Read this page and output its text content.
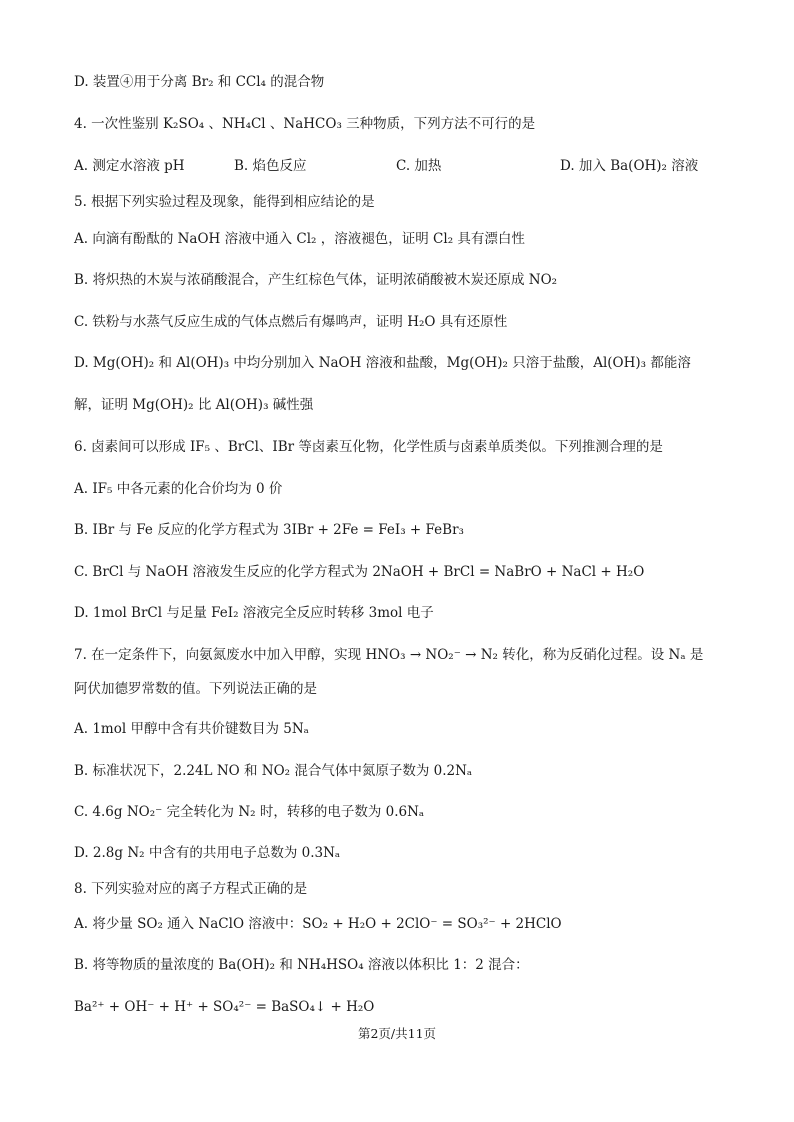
D. 装置④用于分离 Br₂ 和 CCl₄ 的混合物
4. 一次性鉴别 K₂SO₄ 、NH₄Cl 、NaHCO₃ 三种物质，下列方法不可行的是
A. 测定水溶液 pH	B. 焰色反应	C. 加热	D. 加入 Ba(OH)₂ 溶液
5. 根据下列实验过程及现象，能得到相应结论的是
A. 向滴有酚酞的 NaOH 溶液中通入 Cl₂ ，溶液褪色，证明 Cl₂ 具有漂白性
B. 将炽热的木炭与浓硝酸混合，产生红棕色气体，证明浓硝酸被木炭还原成 NO₂
C. 铁粉与水蒸气反应生成的气体点燃后有爆鸣声，证明 H₂O 具有还原性
D. Mg(OH)₂ 和 Al(OH)₃ 中均分别加入 NaOH 溶液和盐酸，Mg(OH)₂ 只溶于盐酸，Al(OH)₃ 都能溶
解，证明 Mg(OH)₂ 比 Al(OH)₃ 碱性强
6. 卤素间可以形成 IF₅ 、BrCl、IBr 等卤素互化物，化学性质与卤素单质类似。下列推测合理的是
A. IF₅ 中各元素的化合价均为 0 价
B. IBr 与 Fe 反应的化学方程式为 3IBr + 2Fe = FeI₃ + FeBr₃
C. BrCl 与 NaOH 溶液发生反应的化学方程式为 2NaOH + BrCl = NaBrO + NaCl + H₂O
D. 1mol BrCl 与足量 FeI₂ 溶液完全反应时转移 3mol 电子
7. 在一定条件下，向氨氮废水中加入甲醇，实现 HNO₃ → NO₂⁻ → N₂ 转化，称为反硝化过程。设 Nₐ 是
阿伏加德罗常数的值。下列说法正确的是
A. 1mol 甲醇中含有共价键数目为 5Nₐ
B. 标准状况下，2.24L NO 和 NO₂ 混合气体中氮原子数为 0.2Nₐ
C. 4.6g NO₂⁻ 完全转化为 N₂ 时，转移的电子数为 0.6Nₐ
D. 2.8g N₂ 中含有的共用电子总数为 0.3Nₐ
8. 下列实验对应的离子方程式正确的是
A. 将少量 SO₂ 通入 NaClO 溶液中：SO₂ + H₂O + 2ClO⁻ = SO₃²⁻ + 2HClO
B. 将等物质的量浓度的 Ba(OH)₂ 和 NH₄HSO₄ 溶液以体积比 1：2 混合：
Ba²⁺ + OH⁻ + H⁺ + SO₄²⁻ = BaSO₄↓ + H₂O
第2页/共11页
